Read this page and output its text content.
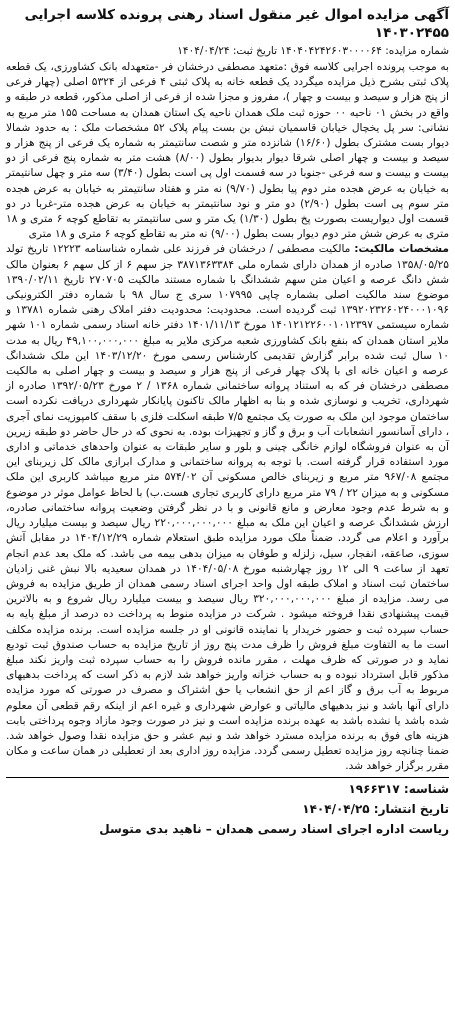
آگهی مزایده اموال غیر منقول اسناد رهنی پرونده کلاسه اجرایی ۱۴۰۳۰۲۴۵۵
شماره مزایده: ۱۴۰۴۰۴۲۴۲۶۰۳۰۰۰۰۶۴ تاریخ ثبت: ۱۴۰۴/۰۴/۲۴

به موجب پرونده اجرایی کلاسه فوق :متعهد مصطفی درخشان فر -متعهدله بانک کشاورزی، یک قطعه پلاک ثبتی بشرح ذیل مزایده میگردد یک قطعه خانه به پلاک ثبتی ۴ فرعی از ۵۳۲۴ اصلی (چهار فرعی از پنج هزار و سیصد و بیست و چهار )، مفروز و مجزا شده از فرعی از اصلی مذکور، قطعه در طبقه و واقع در بخش ۰۱ ناحیه ۰۰ حوزه ثبت ملک همدان ناحیه یک استان همدان به مساحت ۱۵۵ متر مربع به نشانی: سر پل یخچال خیابان قاسمیان نبش بن بست پیام پلاک ۵۲ مشخصات ملک : به حدود شمالا دیوار بست مشترک بطول (۱۶/۶۰) شانزده متر و شصت سانتیمتر به شماره یک فرعی از پنج هزار و سیصد و بیست و چهار اصلی شرقا دیوار بدیوار بطول (۸/۰۰) هشت متر به شماره پنج فرعی از دو بیست و بیست و سه فرعی -جنوبا در سه قسمت اول پی است بطول (۳/۴۰) سه متر و چهل سانتیمتر به خیابان به عرض هجده متر دوم پیا بطول (۹/۷۰) نه متر و هفتاد سانتیمتر به خیابان به عرض هجده متر سوم پی است بطول (۲/۹۰) دو متر و نود سانتیمتر به خیابان به عرض هجده متر-غربا در دو قسمت اول دیواریست بصورت پخ بطول (۱/۳۰) یک متر و سی سانتیمتر به تقاطع کوچه ۶ متری و ۱۸ متری به عرض شش متر دوم دیوار بست بطول (۹/۰۰) نه متر به تقاطع کوچه ۶ متری و ۱۸ متری

مشخصات مالکیت: مالکیت مصطفی / درخشان فر فرزند علی شماره شناسنامه ۱۲۲۲۳ تاریخ تولد ۱۳۵۸/۰۵/۲۵ صادره از همدان دارای شماره ملی ۳۸۷۱۳۶۳۳۸۴ جز سهم ۶ از کل سهم ۶ بعنوان مالک شش دانگ عرصه و اعیان متن سهم ششدانگ با شماره مستند مالکیت ۲۷۰۷۰۵ تاریخ ۱۳۹۰/۰۲/۱۱ موضوع سند مالکیت اصلی بشماره چاپی ۱۰۷۹۹۵ سری ج سال ۹۸ با شماره دفتر الکترونیکی ۱۳۹۲۰۲۳۲۶۰۲۴۰۰۰۱۰۹۶ ثبت گردیده است. محدودیت: محدودیت دفتر املاک رهنی شماره ۱۳۷۸۱ و شماره سیستمی ۱۴۰۱۲۱۲۲۶۰۰۱۰۱۲۳۹۷ مورخ ۱۴۰۱/۱۱/۱۳ دفتر خانه اسناد رسمی شماره ۱۰۱ شهر ملایر استان همدان که بنفع بانک کشاورزی شعبه مرکزی ملایر به مبلغ ۴۹,۱۰۰,۰۰۰,۰۰۰ ریال به مدت ۱۰ سال ثبت شده برابر گزارش تقدیمی کارشناس رسمی مورخ ۱۴۰۳/۱۲/۲۰ این ملک ششدانگ عرصه و اعیان خانه ای با پلاک چهار فرعی از پنج هزار و سیصد و بیست و چهار اصلی به مالکیت مصطفی درخشان فر که به استناد پروانه ساختمانی شماره ۱۳۶۸ / ۲ مورخ ۱۳۹۲/۰۵/۲۳ صادره از شهرداری، تخریب و نوسازی شده و بنا به اظهار مالک تاکنون پایانکار شهرداری دریافت نکرده است ساختمان موجود این ملک به صورت یک مجتمع ۷/۵ طبقه اسکلت فلزی با سقف کامپوزیت نمای آجری ، دارای آسانسور انشعابات آب و برق و گاز و تجهیزات بوده. به نحوی که در حال حاضر دو طبقه زیرین آن به عنوان فروشگاه لوازم خانگی چینی و بلور و سایر طبقات به عنوان واحدهای خدماتی و اداری مورد استفاده قرار گرفته است. با توجه به پروانه ساختمانی و مدارک ابرازی مالک کل زیربنای این مجتمع ۹۶۷/۰۸ متر مربع و زیربنای خالص مسکونی آن ۵۷۴/۰۲ متر مربع میباشد کاربری این ملک مسکونی و به میزان ۲۲ / ۷۹ متر مربع دارای کاربری تجاری هست.ب) با لحاظ عوامل موثر در موضوع و به شرط عدم وجود معارض و مانع قانونی و با در نظر گرفتن وضعیت پروانه ساختمانی صادره، ارزش ششدانگ عرصه و اعیان این ملک به مبلغ ۲۲۰,۰۰۰,۰۰۰,۰۰۰ ریال سیصد و بیست میلیارد ریال برآورد و اعلام می گردد. ضمناً ملک مورد مزایده طبق استعلام شماره ۱۴۰۴/۱۲/۲۹ در مقابل آتش سوزی، صاعقه، انفجار، سیل، زلزله و طوفان به میزان بدهی بیمه می باشد. که ملک بعد عدم انجام تعهد از ساعت ۹ الی ۱۲ روز چهارشنبه مورخ ۱۴۰۴/۰۵/۰۸ در همدان سعیدیه بالا نبش غنی زادیان ساختمان ثبت اسناد و املاک طبقه اول واحد اجرای اسناد رسمی همدان از طریق مزایده به فروش می رسد. مزایده از مبلغ ۳۲۰,۰۰۰,۰۰۰,۰۰۰ ریال سیصد و بیست میلیارد ریال شروع و به بالاترین قیمت پیشنهادی نقدا فروخته میشود . شرکت در مزایده منوط به پرداخت ده درصد از مبلغ پایه به حساب سپرده ثبت و حضور خریدار یا نماینده قانونی او در جلسه مزایده است. برنده مزایده مکلف است ما به التفاوت مبلغ فروش را ظرف مدت پنج روز از تاریخ مزایده به حساب صندوق ثبت تودیع نماید و در صورتی که ظرف مهلت ، مقرر مانده فروش را به حساب سپرده ثبت واریز نکند مبلغ مذکور قابل استرداد نبوده و به حساب خزانه واریز خواهد شد لازم به ذکر است که پرداخت بدهیهای مربوط به آب برق و گاز اعم از حق انشعاب یا حق اشتراک و مصرف در صورتی که مورد مزایده دارای آنها باشد و نیز بدهیهای مالیاتی و عوارض شهرداری و غیره اعم از اینکه رقم قطعی آن معلوم شده باشد یا نشده باشد به عهده برنده مزایده است و نیز در صورت وجود مازاد وجوه پرداختی بابت هزینه های فوق به برنده مزایده مسترد خواهد شد و نیم عشر و حق مزایده نقدا وصول خواهد شد. ضمنا چنانچه روز مزایده تعطیل رسمی گردد. مزایده روز اداری بعد از تعطیلی در همان ساعت و مکان مقرر برگزار خواهد شد.

شناسه: ۱۹۶۶۳۱۷
تاریخ انتشار: ۱۴۰۴/۰۴/۲۵
ریاست اداره اجرای اسناد رسمی همدان – ناهید بدی متوسل
